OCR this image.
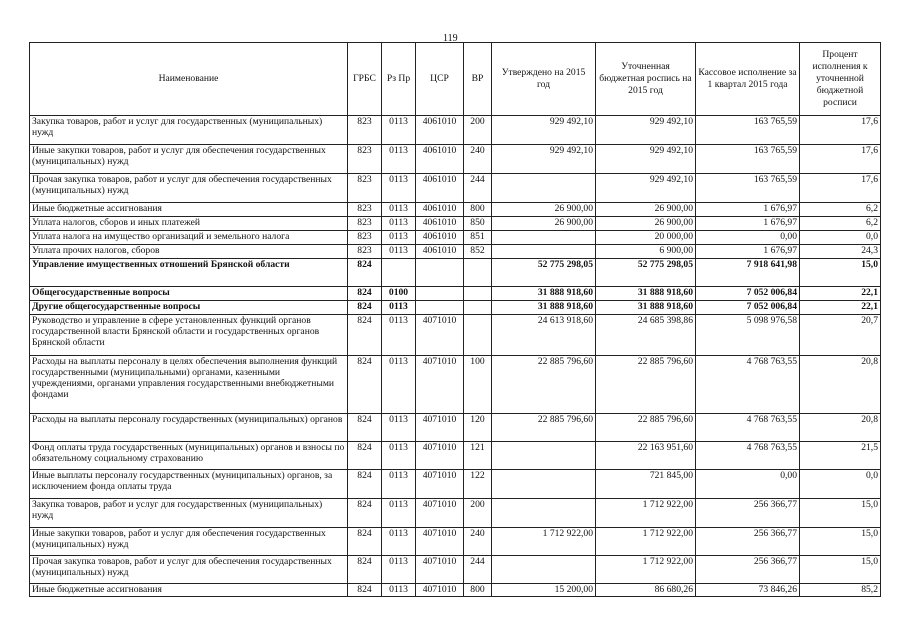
119
Наименование	ГРБС	Рз Пр	ЦСР	ВР	Утверждено на 2015 год	Уточненная бюджетная роспись на 2015 год	Кассовое исполнение за 1 квартал 2015 года	Процент исполнения к уточненной бюджетной росписи
Закупка товаров, работ и услуг для государственных (муниципальных) нужд	823	0113	4061010	200	929 492,10	929 492,10	163 765,59	17,6
Иные закупки товаров, работ и услуг для обеспечения государственных (муниципальных) нужд	823	0113	4061010	240	929 492,10	929 492,10	163 765,59	17,6
Прочая закупка товаров, работ и услуг для обеспечения государственных (муниципальных) нужд	823	0113	4061010	244		929 492,10	163 765,59	17,6
Иные бюджетные ассигнования	823	0113	4061010	800	26 900,00	26 900,00	1 676,97	6,2
Уплата налогов, сборов и иных платежей	823	0113	4061010	850	26 900,00	26 900,00	1 676,97	6,2
Уплата налога на имущество организаций и земельного налога	823	0113	4061010	851		20 000,00	0,00	0,0
Уплата прочих налогов, сборов	823	0113	4061010	852		6 900,00	1 676,97	24,3
Управление имущественных отношений Брянской области	824				52 775 298,05	52 775 298,05	7 918 641,98	15,0
Общегосударственные вопросы	824	0100			31 888 918,60	31 888 918,60	7 052 006,84	22,1
Другие общегосударственные вопросы	824	0113			31 888 918,60	31 888 918,60	7 052 006,84	22,1
Руководство и управление в сфере установленных функций органов государственной власти Брянской области и государственных органов Брянской области	824	0113	4071010		24 613 918,60	24 685 398,86	5 098 976,58	20,7
Расходы на выплаты персоналу в целях обеспечения выполнения функций государственными (муниципальными) органами, казенными учреждениями, органами управления государственными внебюджетными фондами	824	0113	4071010	100	22 885 796,60	22 885 796,60	4 768 763,55	20,8
Расходы на выплаты персоналу государственных (муниципальных) органов	824	0113	4071010	120	22 885 796,60	22 885 796,60	4 768 763,55	20,8
Фонд оплаты труда государственных (муниципальных) органов и взносы по обязательному социальному страхованию	824	0113	4071010	121		22 163 951,60	4 768 763,55	21,5
Иные выплаты персоналу государственных (муниципальных) органов, за исключением фонда оплаты труда	824	0113	4071010	122		721 845,00	0,00	0,0
Закупка товаров, работ и услуг для государственных (муниципальных) нужд	824	0113	4071010	200		1 712 922,00	256 366,77	15,0
Иные закупки товаров, работ и услуг для обеспечения государственных (муниципальных) нужд	824	0113	4071010	240	1 712 922,00	1 712 922,00	256 366,77	15,0
Прочая закупка товаров, работ и услуг для обеспечения государственных (муниципальных) нужд	824	0113	4071010	244		1 712 922,00	256 366,77	15,0
Иные бюджетные ассигнования	824	0113	4071010	800	15 200,00	86 680,26	73 846,26	85,2
